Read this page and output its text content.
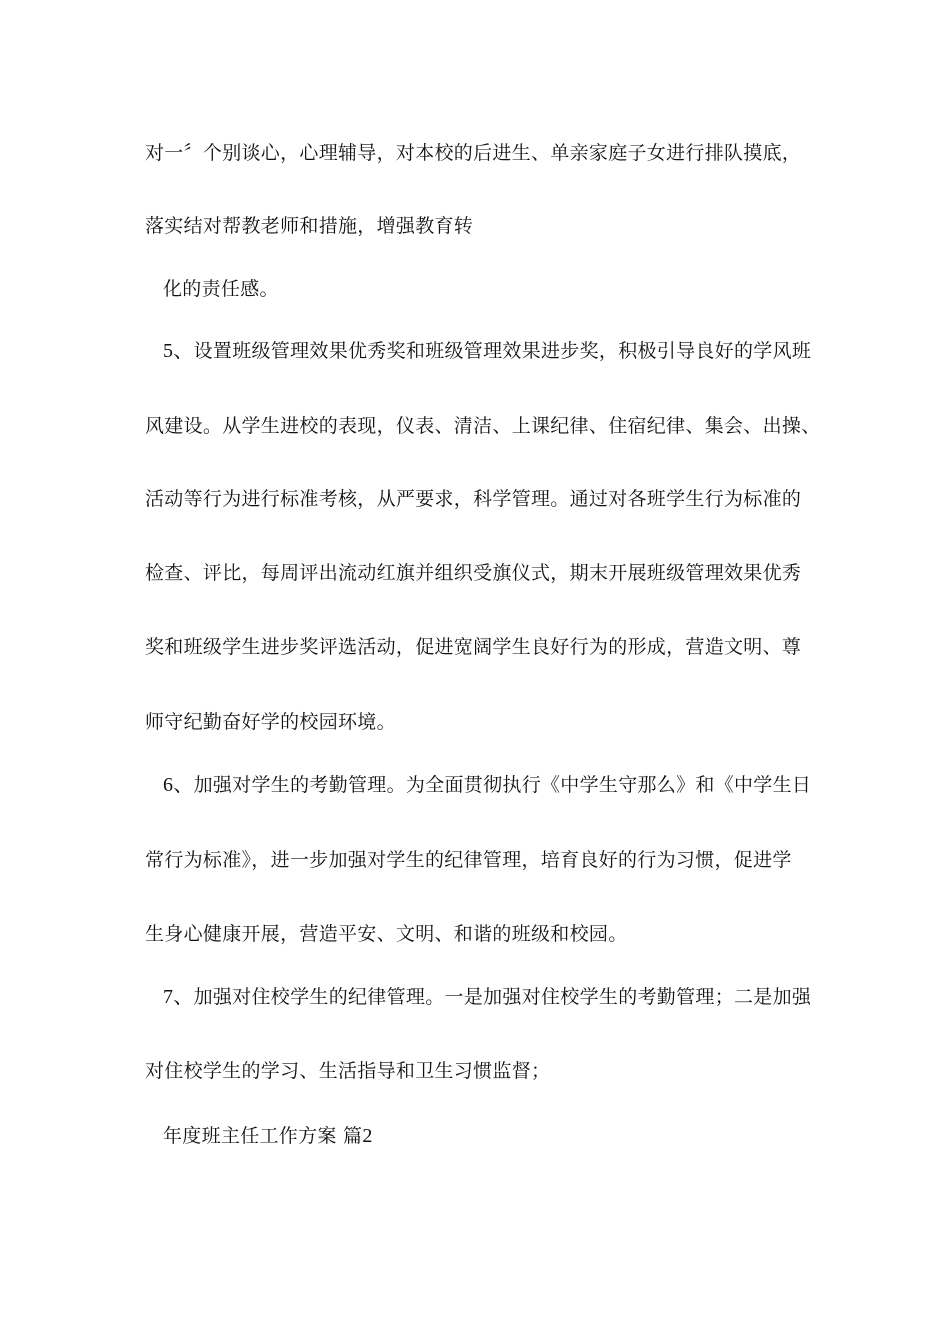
对一〞个别谈心，心理辅导，对本校的后进生、单亲家庭子女进行排队摸底，
落实结对帮教老师和措施，增强教育转
化的责任感。
5、设置班级管理效果优秀奖和班级管理效果进步奖，积极引导良好的学风班
风建设。从学生进校的表现，仪表、清洁、上课纪律、住宿纪律、集会、出操、
活动等行为进行标准考核，从严要求，科学管理。通过对各班学生行为标准的
检查、评比，每周评出流动红旗并组织受旗仪式，期末开展班级管理效果优秀
奖和班级学生进步奖评选活动，促进宽阔学生良好行为的形成，营造文明、尊
师守纪勤奋好学的校园环境。
6、加强对学生的考勤管理。为全面贯彻执行《中学生守那么》和《中学生日
常行为标准》，进一步加强对学生的纪律管理，培育良好的行为习惯，促进学
生身心健康开展，营造平安、文明、和谐的班级和校园。
7、加强对住校学生的纪律管理。一是加强对住校学生的考勤管理；二是加强
对住校学生的学习、生活指导和卫生习惯监督；
年度班主任工作方案 篇2
